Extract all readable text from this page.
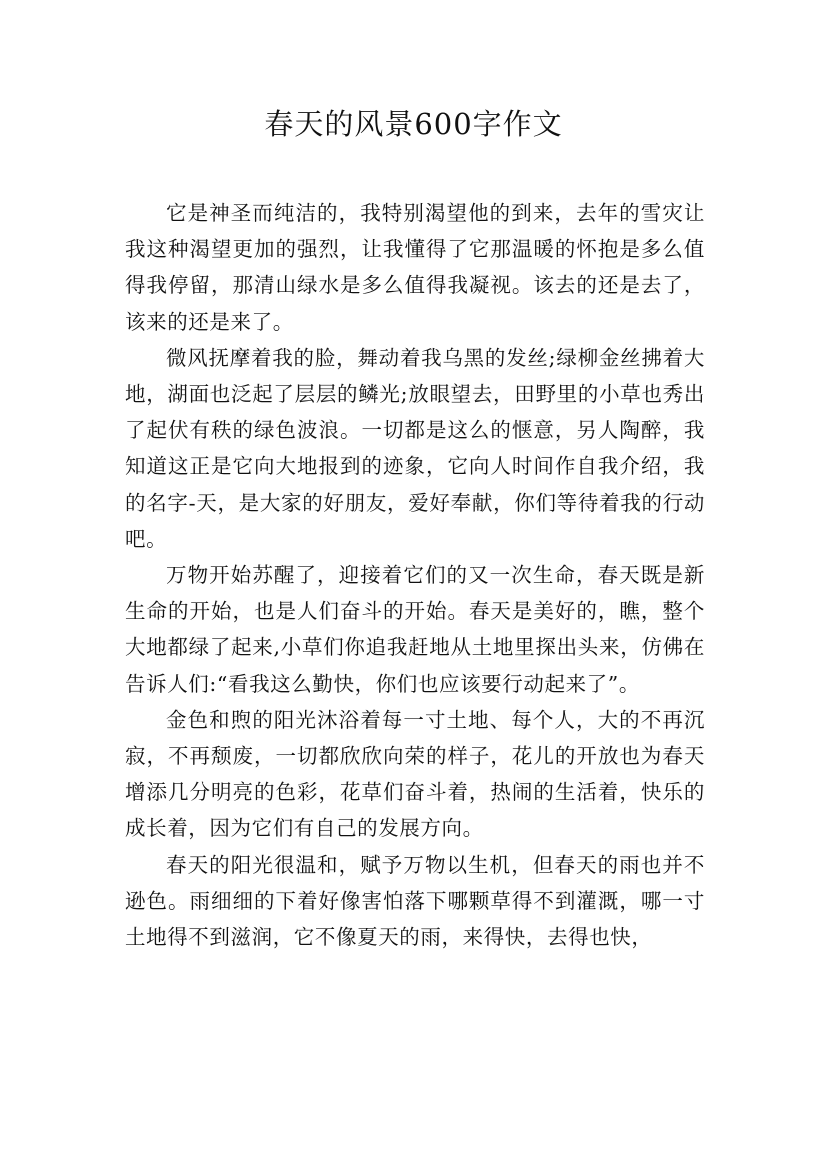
春天的风景600字作文

它是神圣而纯洁的，我特别渴望他的到来，去年的雪灾让我这种渴望更加的强烈，让我懂得了它那温暖的怀抱是多么值得我停留，那清山绿水是多么值得我凝视。该去的还是去了，该来的还是来了。

微风抚摩着我的脸，舞动着我乌黑的发丝;绿柳金丝拂着大地，湖面也泛起了层层的鳞光;放眼望去，田野里的小草也秀出了起伏有秩的绿色波浪。一切都是这么的惬意，另人陶醉，我知道这正是它向大地报到的迹象，它向人时间作自我介绍，我的名字-天，是大家的好朋友，爱好奉献，你们等待着我的行动吧。

万物开始苏醒了，迎接着它们的又一次生命，春天既是新生命的开始，也是人们奋斗的开始。春天是美好的，瞧，整个大地都绿了起来,小草们你追我赶地从土地里探出头来，仿佛在告诉人们:“看我这么勤快，你们也应该要行动起来了”。

金色和煦的阳光沐浴着每一寸土地、每个人，大的不再沉寂，不再颓废，一切都欣欣向荣的样子，花儿的开放也为春天增添几分明亮的色彩，花草们奋斗着，热闹的生活着，快乐的成长着，因为它们有自己的发展方向。

春天的阳光很温和，赋予万物以生机，但春天的雨也并不逊色。雨细细的下着好像害怕落下哪颗草得不到灌溉，哪一寸土地得不到滋润，它不像夏天的雨，来得快，去得也快，
